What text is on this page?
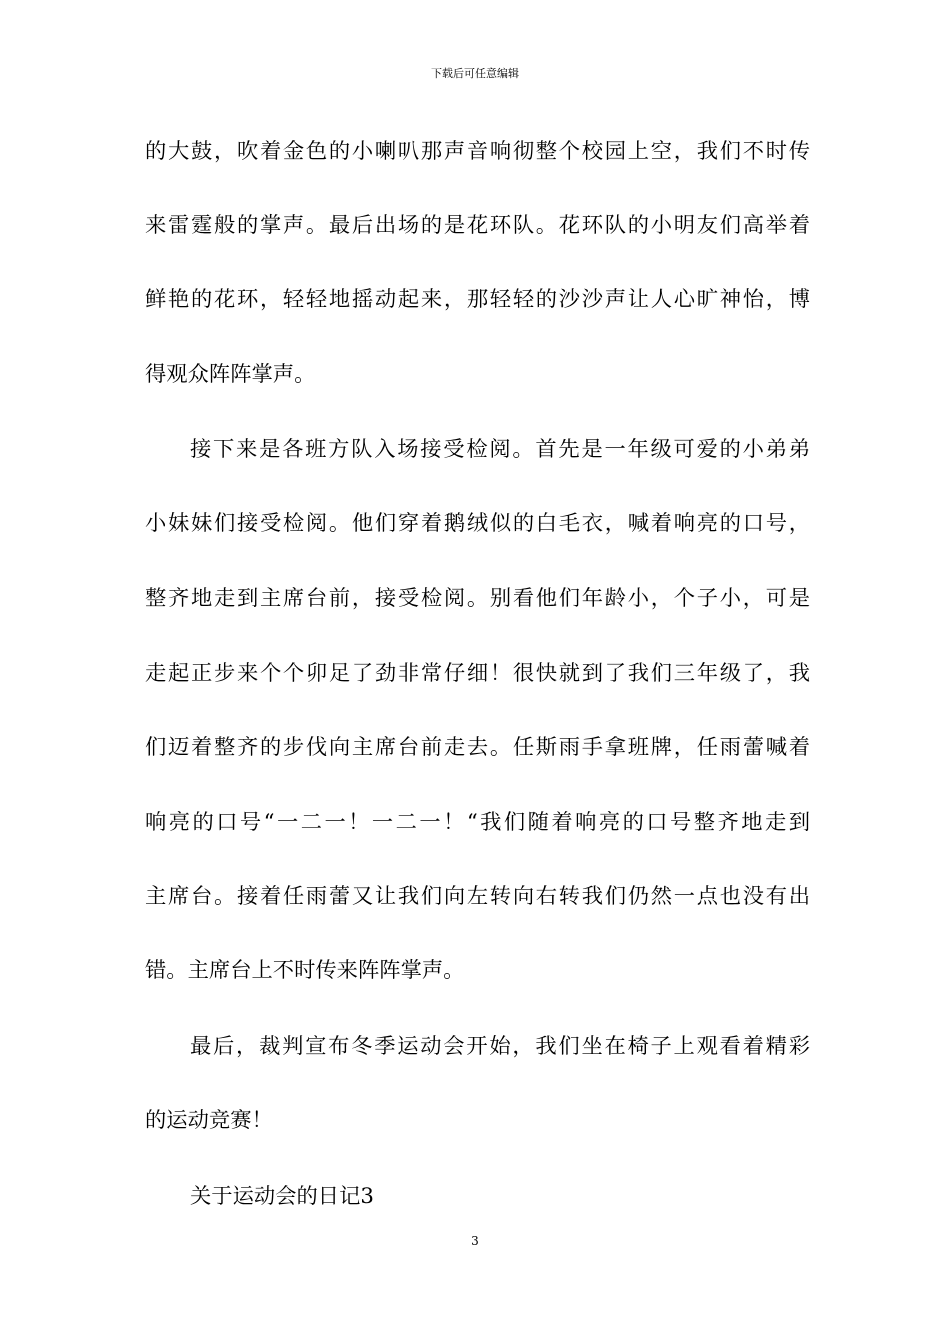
下载后可任意编辑
的大鼓，吹着金色的小喇叭那声音响彻整个校园上空，我们不时传
来雷霆般的掌声。最后出场的是花环队。花环队的小明友们高举着
鲜艳的花环，轻轻地摇动起来，那轻轻的沙沙声让人心旷神怡，博
得观众阵阵掌声。
接下来是各班方队入场接受检阅。首先是一年级可爱的小弟弟
小妹妹们接受检阅。他们穿着鹅绒似的白毛衣，喊着响亮的口号，
整齐地走到主席台前，接受检阅。别看他们年龄小，个子小，可是
走起正步来个个卯足了劲非常仔细！很快就到了我们三年级了，我
们迈着整齐的步伐向主席台前走去。任斯雨手拿班牌，任雨蕾喊着
响亮的口号“一二一！一二一！“我们随着响亮的口号整齐地走到
主席台。接着任雨蕾又让我们向左转向右转我们仍然一点也没有出
错。主席台上不时传来阵阵掌声。
最后，裁判宣布冬季运动会开始，我们坐在椅子上观看着精彩
的运动竞赛！
关于运动会的日记3
3
